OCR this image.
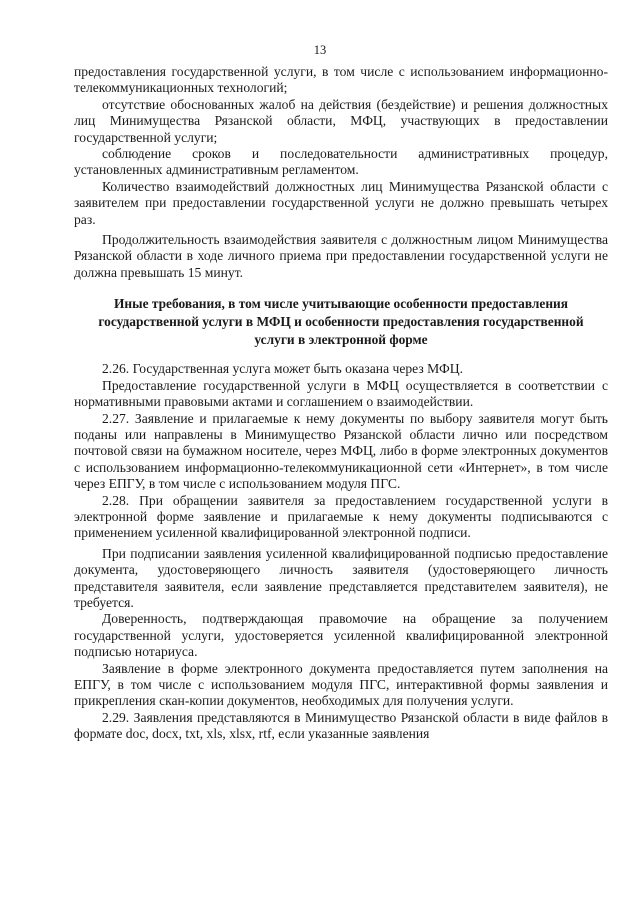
13

предоставления государственной услуги, в том числе с использованием информационно-телекоммуникационных технологий;

отсутствие обоснованных жалоб на действия (бездействие) и решения должностных лиц Минимущества Рязанской области, МФЦ, участвующих в предоставлении государственной услуги;

соблюдение сроков и последовательности административных процедур, установленных административным регламентом.

Количество взаимодействий должностных лиц Минимущества Рязанской области с заявителем при предоставлении государственной услуги не должно превышать четырех раз.

Продолжительность взаимодействия заявителя с должностным лицом Минимущества Рязанской области в ходе личного приема при предоставлении государственной услуги не должна превышать 15 минут.

Иные требования, в том числе учитывающие особенности предоставления государственной услуги в МФЦ и особенности предоставления государственной услуги в электронной форме

2.26. Государственная услуга может быть оказана через МФЦ.

Предоставление государственной услуги в МФЦ осуществляется в соответствии с нормативными правовыми актами и соглашением о взаимодействии.

2.27. Заявление и прилагаемые к нему документы по выбору заявителя могут быть поданы или направлены в Минимущество Рязанской области лично или посредством почтовой связи на бумажном носителе, через МФЦ, либо в форме электронных документов с использованием информационно-телекоммуникационной сети «Интернет», в том числе через ЕПГУ, в том числе с использованием модуля ПГС.

2.28. При обращении заявителя за предоставлением государственной услуги в электронной форме заявление и прилагаемые к нему документы подписываются с применением усиленной квалифицированной электронной подписи.

При подписании заявления усиленной квалифицированной подписью предоставление документа, удостоверяющего личность заявителя (удостоверяющего личность представителя заявителя, если заявление представляется представителем заявителя), не требуется.

Доверенность, подтверждающая правомочие на обращение за получением государственной услуги, удостоверяется усиленной квалифицированной электронной подписью нотариуса.

Заявление в форме электронного документа предоставляется путем заполнения на ЕПГУ, в том числе с использованием модуля ПГС, интерактивной формы заявления и прикрепления скан-копии документов, необходимых для получения услуги.

2.29. Заявления представляются в Минимущество Рязанской области в виде файлов в формате doc, docx, txt, xls, xlsx, rtf, если указанные заявления
